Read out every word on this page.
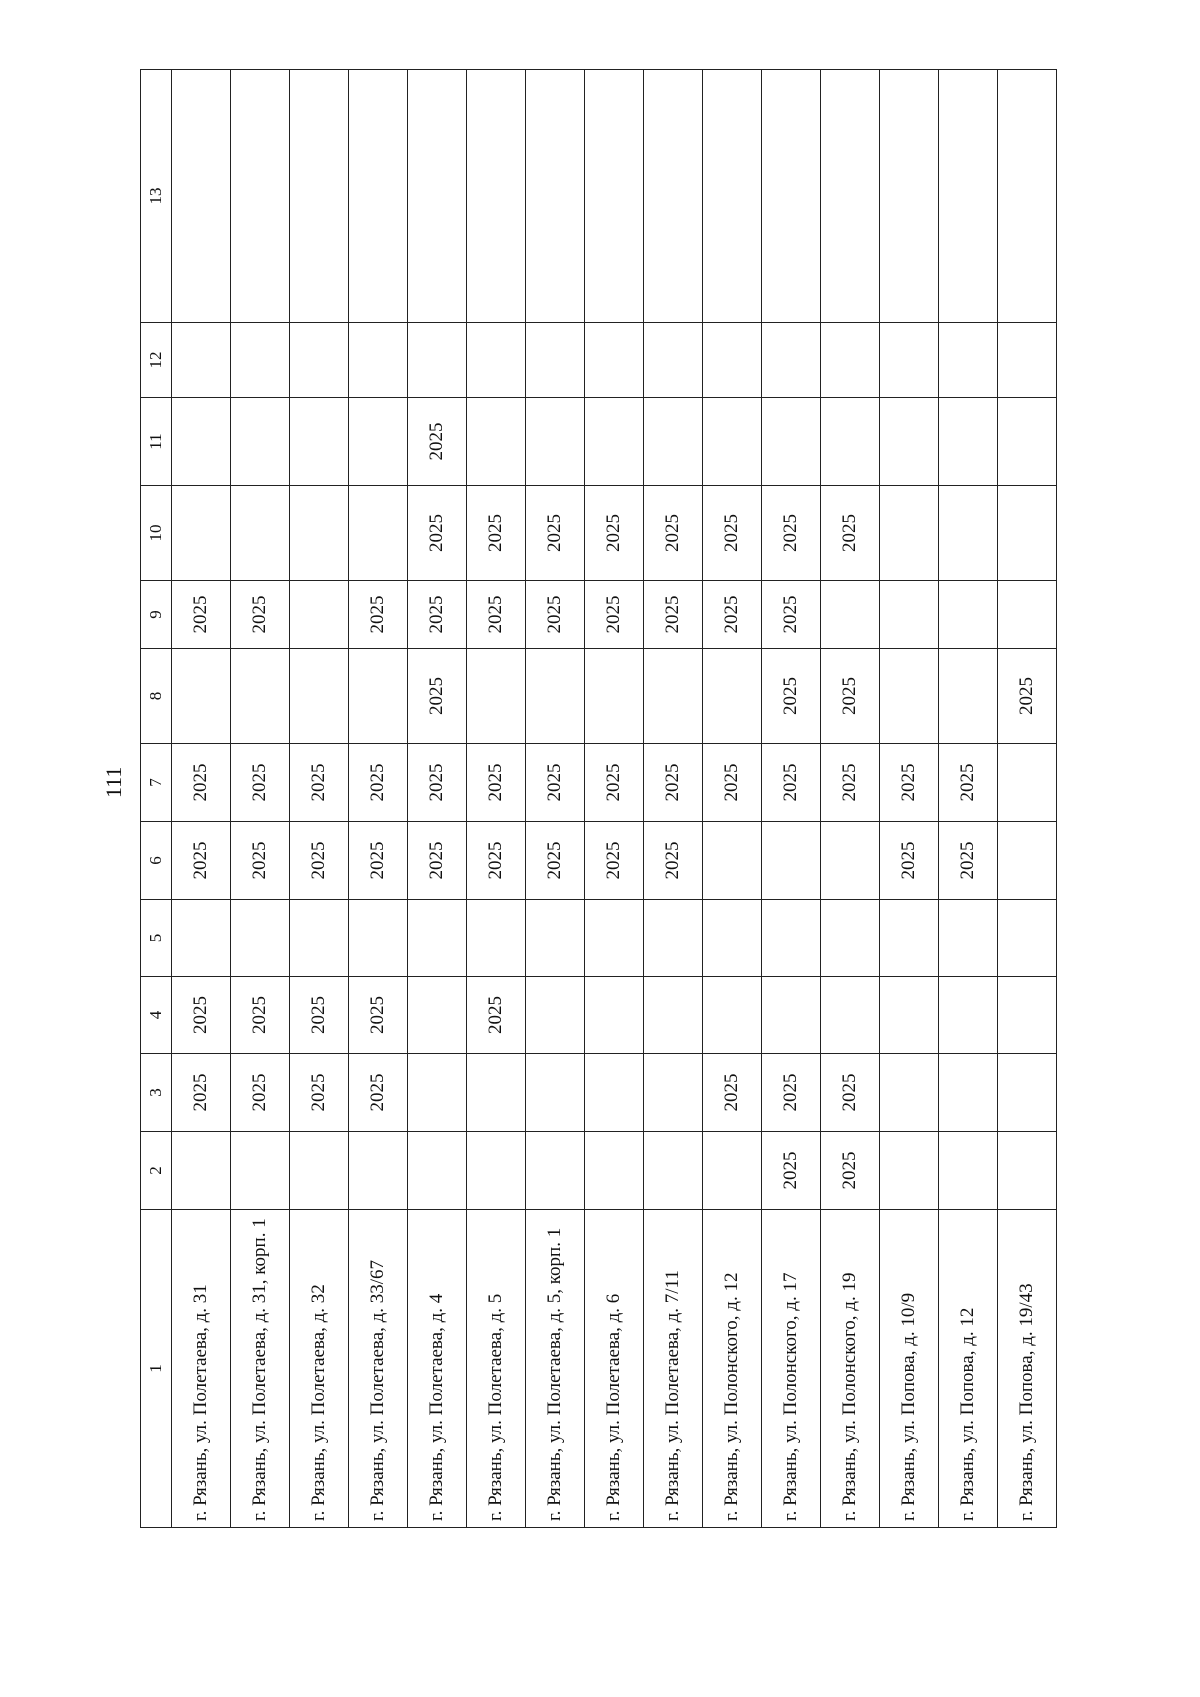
111
1	2	3	4	5	6	7	8	9	10	11	12	13
г. Рязань, ул. Полетаева, д. 31		2025	2025		2025	2025		2025				
г. Рязань, ул. Полетаева, д. 31, корп. 1		2025	2025		2025	2025		2025				
г. Рязань, ул. Полетаева, д. 32		2025	2025		2025	2025						
г. Рязань, ул. Полетаева, д. 33/67		2025	2025		2025	2025		2025				
г. Рязань, ул. Полетаева, д. 4					2025	2025	2025	2025	2025	2025		
г. Рязань, ул. Полетаева, д. 5			2025		2025	2025		2025	2025			
г. Рязань, ул. Полетаева, д. 5, корп. 1					2025	2025		2025	2025			
г. Рязань, ул. Полетаева, д. 6					2025	2025		2025	2025			
г. Рязань, ул. Полетаева, д. 7/11					2025	2025		2025	2025			
г. Рязань, ул. Полонского, д. 12		2025				2025		2025	2025			
г. Рязань, ул. Полонского, д. 17	2025	2025				2025	2025	2025	2025			
г. Рязань, ул. Полонского, д. 19	2025	2025				2025	2025		2025			
г. Рязань, ул. Попова, д. 10/9					2025	2025						
г. Рязань, ул. Попова, д. 12					2025	2025						
г. Рязань, ул. Попова, д. 19/43							2025					
